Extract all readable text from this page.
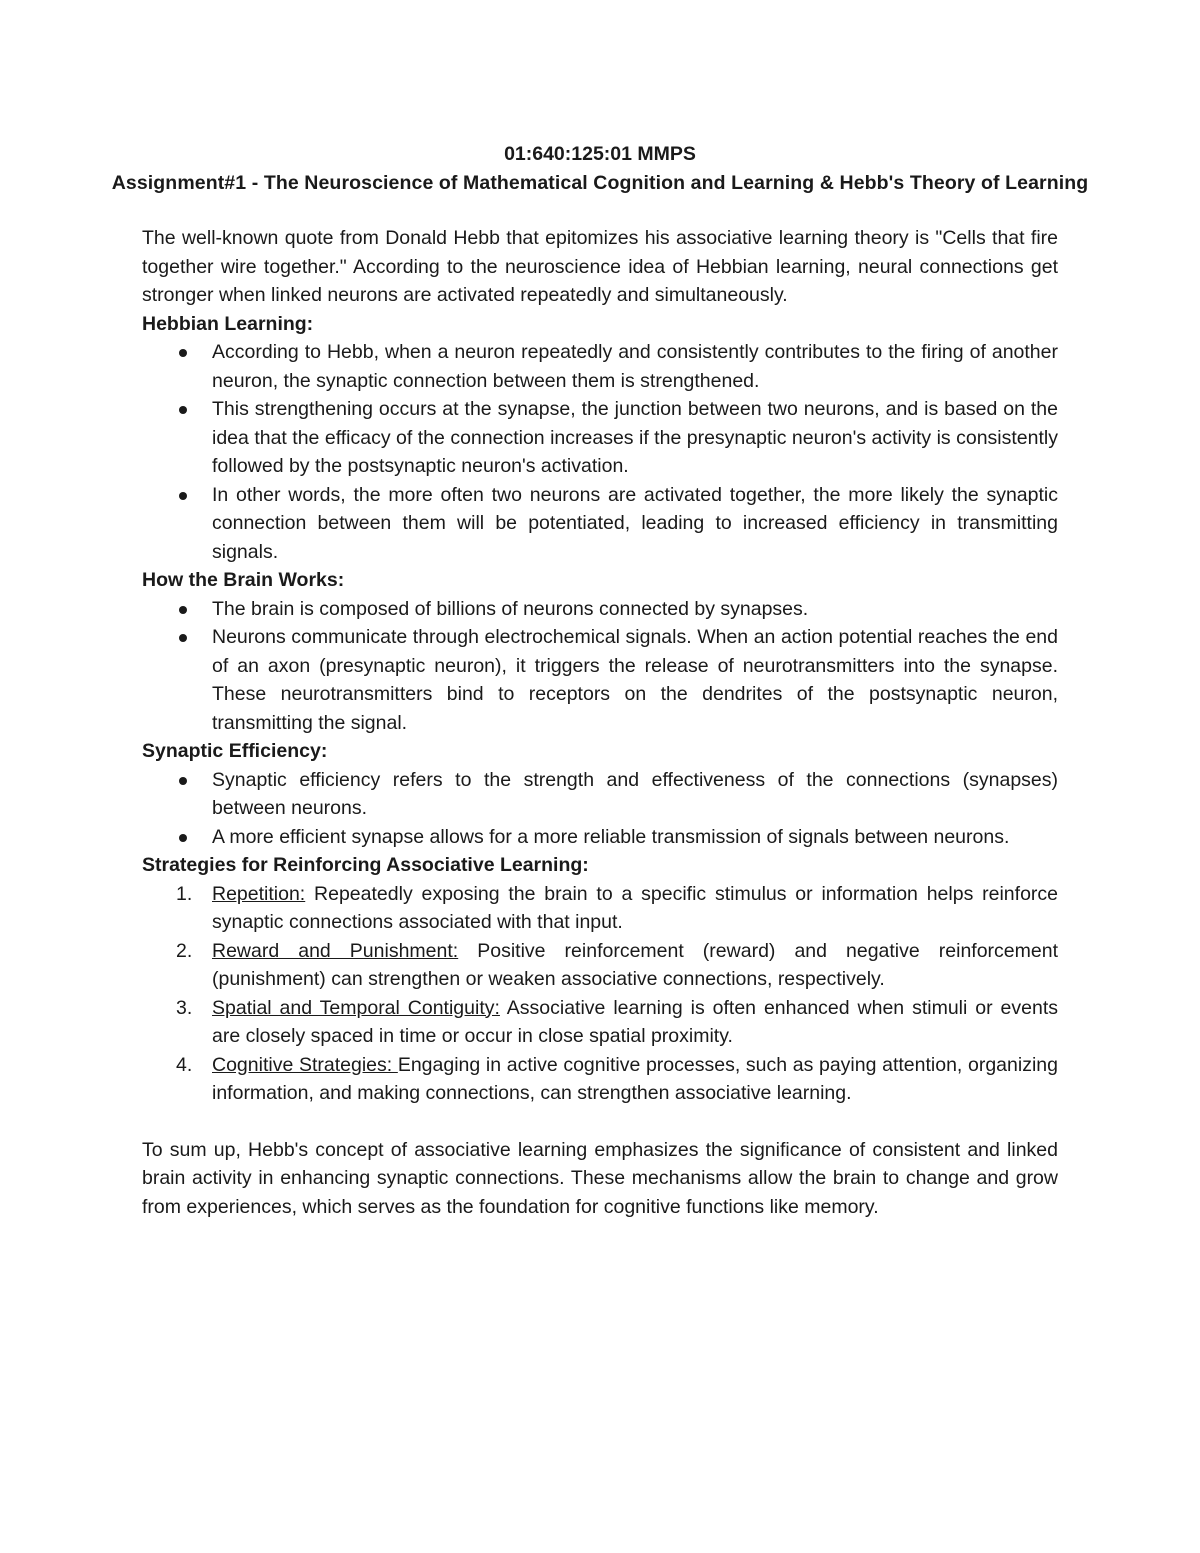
01:640:125:01 MMPS
Assignment#1 - The Neuroscience of Mathematical Cognition and Learning & Hebb's Theory of Learning

The well-known quote from Donald Hebb that epitomizes his associative learning theory is "Cells that fire together wire together." According to the neuroscience idea of Hebbian learning, neural connections get stronger when linked neurons are activated repeatedly and simultaneously.

Hebbian Learning:
According to Hebb, when a neuron repeatedly and consistently contributes to the firing of another neuron, the synaptic connection between them is strengthened.
This strengthening occurs at the synapse, the junction between two neurons, and is based on the idea that the efficacy of the connection increases if the presynaptic neuron's activity is consistently followed by the postsynaptic neuron's activation.
In other words, the more often two neurons are activated together, the more likely the synaptic connection between them will be potentiated, leading to increased efficiency in transmitting signals.
How the Brain Works:
The brain is composed of billions of neurons connected by synapses.
Neurons communicate through electrochemical signals. When an action potential reaches the end of an axon (presynaptic neuron), it triggers the release of neurotransmitters into the synapse. These neurotransmitters bind to receptors on the dendrites of the postsynaptic neuron, transmitting the signal.
Synaptic Efficiency:
Synaptic efficiency refers to the strength and effectiveness of the connections (synapses) between neurons.
A more efficient synapse allows for a more reliable transmission of signals between neurons.
Strategies for Reinforcing Associative Learning:
1. Repetition: Repeatedly exposing the brain to a specific stimulus or information helps reinforce synaptic connections associated with that input.
2. Reward and Punishment: Positive reinforcement (reward) and negative reinforcement (punishment) can strengthen or weaken associative connections, respectively.
3. Spatial and Temporal Contiguity: Associative learning is often enhanced when stimuli or events are closely spaced in time or occur in close spatial proximity.
4. Cognitive Strategies: Engaging in active cognitive processes, such as paying attention, organizing information, and making connections, can strengthen associative learning.

To sum up, Hebb's concept of associative learning emphasizes the significance of consistent and linked brain activity in enhancing synaptic connections. These mechanisms allow the brain to change and grow from experiences, which serves as the foundation for cognitive functions like memory.
